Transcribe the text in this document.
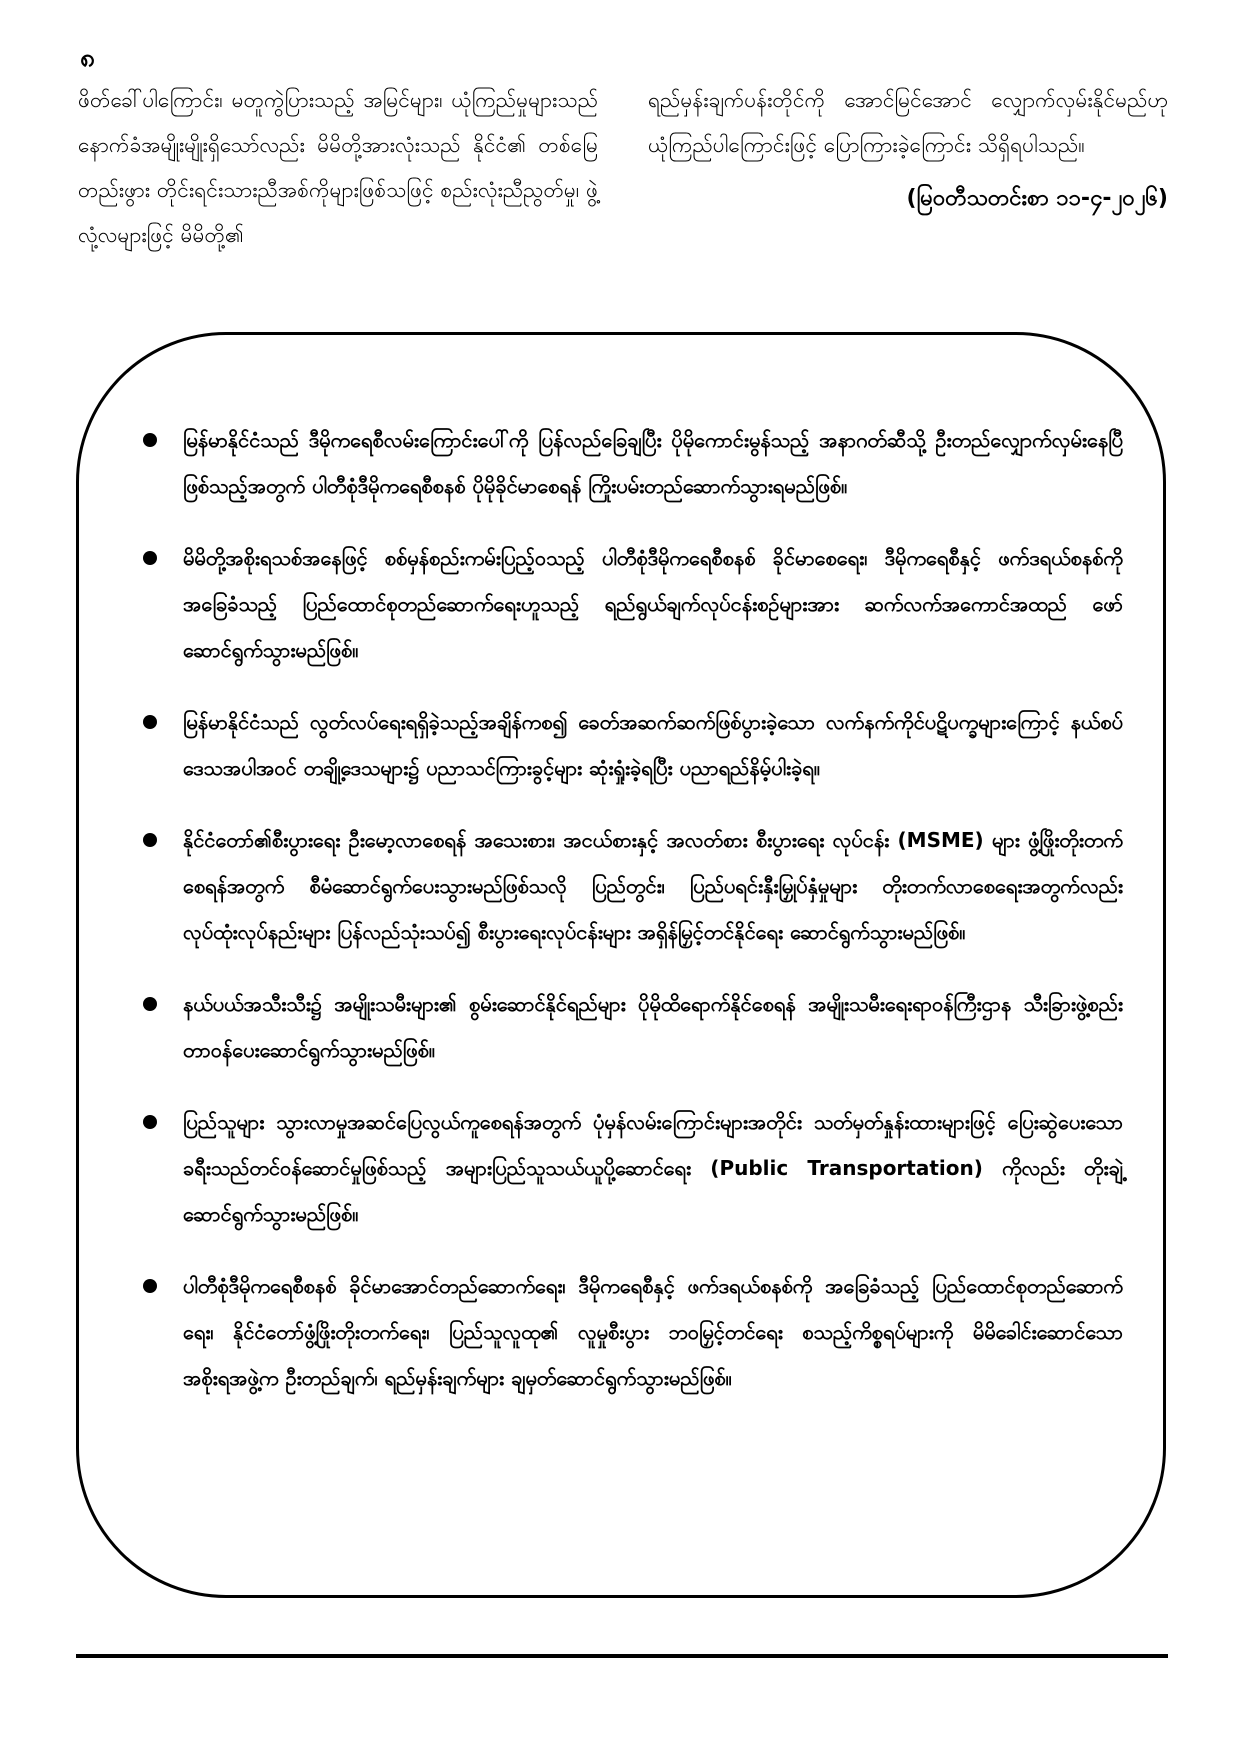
၈

ဖိတ်ခေါ်ပါကြောင်း၊ မတူကွဲပြားသည့် အမြင်များ၊ ယုံကြည်မှုများသည် နောက်ခံအမျိုးမျိုးရှိသော်လည်း မိမိတို့အားလုံးသည် နိုင်ငံ၏ တစ်မြေတည်းဖွား တိုင်းရင်းသားညီအစ်ကိုများဖြစ်သဖြင့် စည်းလုံးညီညွတ်မှု၊ ဖွဲ့လုံ့လများဖြင့် မိမိတို့၏

ရည်မှန်းချက်ပန်းတိုင်ကို အောင်မြင်အောင် လျှောက်လှမ်းနိုင်မည်ဟု ယုံကြည်ပါကြောင်းဖြင့် ပြောကြားခဲ့ကြောင်း သိရှိရပါသည်။

(မြဝတီသတင်းစာ ၁၁-၄-၂၀၂၆)
မြန်မာနိုင်ငံသည် ဒီမိုကရေစီလမ်းကြောင်းပေါ်ကို ပြန်လည်ခြေချပြီး ပိုမိုကောင်းမွန်သည့် အနာဂတ်ဆီသို့ ဦးတည်လျှောက်လှမ်းနေပြီဖြစ်သည့်အတွက် ပါတီစုံဒီမိုကရေစီစနစ် ပိုမိုခိုင်မာစေရန် ကြိုးပမ်းတည်ဆောက်သွားရမည်ဖြစ်။
မိမိတို့အစိုးရသစ်အနေဖြင့် စစ်မှန်စည်းကမ်းပြည့်ဝသည့် ပါတီစုံဒီမိုကရေစီစနစ် ခိုင်မာစေရေး၊ ဒီမိုကရေစီနှင့် ဖက်ဒရယ်စနစ်ကိုအခြေခံသည့် ပြည်ထောင်စုတည်ဆောက်ရေးဟူသည့် ရည်ရွယ်ချက်လုပ်ငန်းစဉ်များအား ဆက်လက်အကောင်အထည် ဖော်ဆောင်ရွက်သွားမည်ဖြစ်။
မြန်မာနိုင်ငံသည် လွတ်လပ်ရေးရရှိခဲ့သည့်အချိန်ကစ၍ ခေတ်အဆက်ဆက်ဖြစ်ပွားခဲ့သော လက်နက်ကိုင်ပဋိပက္ခများကြောင့် နယ်စပ်ဒေသအပါအဝင် တချို့ဒေသများ၌ ပညာသင်ကြားခွင့်များ ဆုံးရှုံးခဲ့ရပြီး ပညာရည်နိမ့်ပါးခဲ့ရ။
နိုင်ငံတော်၏စီးပွားရေး ဦးမော့လာစေရန် အသေးစား၊ အငယ်စားနှင့် အလတ်စား စီးပွားရေး လုပ်ငန်း (MSME) များ ဖွံ့ဖြိုးတိုးတက်စေရန်အတွက် စီမံဆောင်ရွက်ပေးသွားမည်ဖြစ်သလို ပြည်တွင်း၊ ပြည်ပရင်းနှီးမြှုပ်နှံမှုများ တိုးတက်လာစေရေးအတွက်လည်း လုပ်ထုံးလုပ်နည်းများ ပြန်လည်သုံးသပ်၍ စီးပွားရေးလုပ်ငန်းများ အရှိန်မြှင့်တင်နိုင်ရေး ဆောင်ရွက်သွားမည်ဖြစ်။
နယ်ပယ်အသီးသီး၌ အမျိုးသမီးများ၏ စွမ်းဆောင်နိုင်ရည်များ ပိုမိုထိရောက်နိုင်စေရန် အမျိုးသမီးရေးရာဝန်ကြီးဌာန သီးခြားဖွဲ့စည်းတာဝန်ပေးဆောင်ရွက်သွားမည်ဖြစ်။
ပြည်သူများ သွားလာမှုအဆင်ပြေလွယ်ကူစေရန်အတွက် ပုံမှန်လမ်းကြောင်းများအတိုင်း သတ်မှတ်နှုန်းထားများဖြင့် ပြေးဆွဲပေးသော ခရီးသည်တင်ဝန်ဆောင်မှုဖြစ်သည့် အများပြည်သူသယ်ယူပို့ဆောင်ရေး (Public Transportation) ကိုလည်း တိုးချဲ့ဆောင်ရွက်သွားမည်ဖြစ်။
ပါတီစုံဒီမိုကရေစီစနစ် ခိုင်မာအောင်တည်ဆောက်ရေး၊ ဒီမိုကရေစီနှင့် ဖက်ဒရယ်စနစ်ကို အခြေခံသည့် ပြည်ထောင်စုတည်ဆောက်ရေး၊ နိုင်ငံတော်ဖွံ့ဖြိုးတိုးတက်ရေး၊ ပြည်သူလူထု၏ လူမှုစီးပွား ဘဝမြှင့်တင်ရေး စသည့်ကိစ္စရပ်များကို မိမိခေါင်းဆောင်သော အစိုးရအဖွဲ့က ဦးတည်ချက်၊ ရည်မှန်းချက်များ ချမှတ်ဆောင်ရွက်သွားမည်ဖြစ်။
